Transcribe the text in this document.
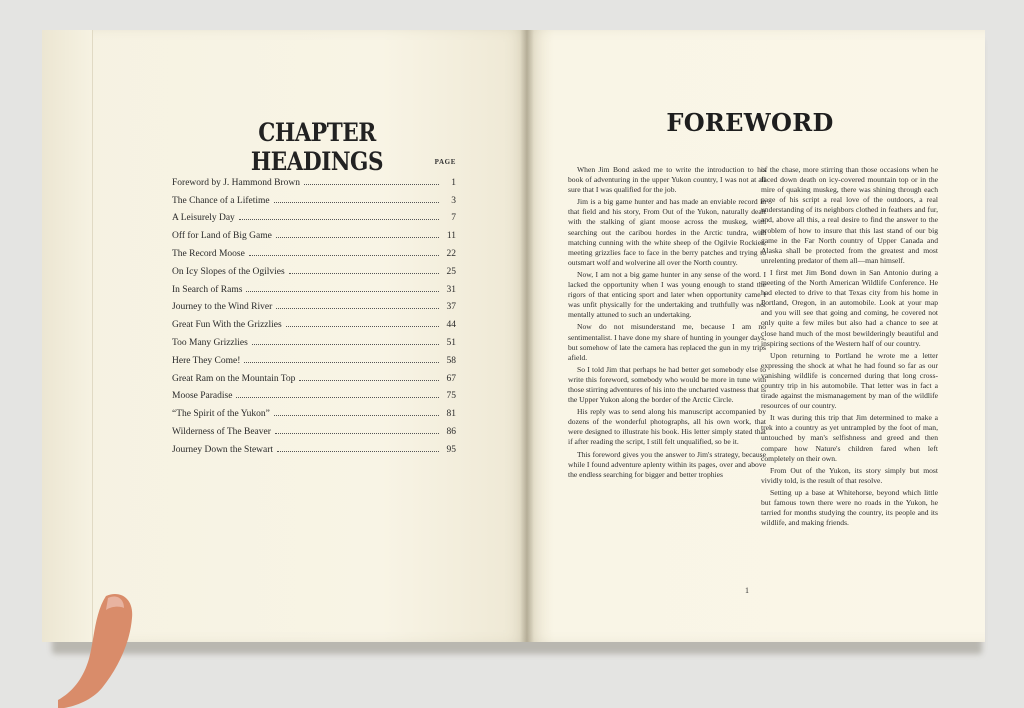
CHAPTER HEADINGS	PAGE
Foreword by J. Hammond Brown	1
The Chance of a Lifetime	3
A Leisurely Day	7
Off for Land of Big Game	11
The Record Moose	22
On Icy Slopes of the Ogilvies	25
In Search of Rams	31
Journey to the Wind River	37
Great Fun With the Grizzlies	44
Too Many Grizzlies	51
Here They Come!	58
Great Ram on the Mountain Top	67
Moose Paradise	75
“The Spirit of the Yukon”	81
Wilderness of The Beaver	86
Journey Down the Stewart	95
FOREWORD

When Jim Bond asked me to write the introduction to his book of adventuring in the upper Yukon country, I was not at all sure that I was qualified for the job.

Jim is a big game hunter and has made an enviable record in that field and his story, From Out of the Yukon, naturally dealt with the stalking of giant moose across the muskeg, with searching out the caribou hordes in the Arctic tundra, with matching cunning with the white sheep of the Ogilvie Rockies, meeting grizzlies face to face in the berry patches and trying to outsmart wolf and wolverine all over the North country.

Now, I am not a big game hunter in any sense of the word. I lacked the opportunity when I was young enough to stand the rigors of that enticing sport and later when opportunity came I was unfit physically for the undertaking and truthfully was not mentally attuned to such an undertaking.

Now do not misunderstand me, because I am no sentimentalist. I have done my share of hunting in younger days, but somehow of late the camera has replaced the gun in my trips afield.

So I told Jim that perhaps he had better get somebody else to write this foreword, somebody who would be more in tune with those stirring adventures of his into the uncharted vastness that is the Upper Yukon along the border of the Arctic Circle.

His reply was to send along his manuscript accompanied by dozens of the wonderful photographs, all his own work, that were designed to illustrate his book. His letter simply stated that if after reading the script, I still felt unqualified, so be it.

This foreword gives you the answer to Jim's strategy, because while I found adventure aplenty within its pages, over and above the endless searching for bigger and better trophies

of the chase, more stirring than those occasions when he faced down death on icy-covered mountain top or in the mire of quaking muskeg, there was shining through each page of his script a real love of the outdoors, a real understanding of its neighbors clothed in feathers and fur, and, above all this, a real desire to find the answer to the problem of how to insure that this last stand of our big game in the Far North country of Upper Canada and Alaska shall be protected from the greatest and most unrelenting predator of them all—man himself.

I first met Jim Bond down in San Antonio during a meeting of the North American Wildlife Conference. He had elected to drive to that Texas city from his home in Portland, Oregon, in an automobile. Look at your map and you will see that going and coming, he covered not only quite a few miles but also had a chance to see at close hand much of the most bewilderingly beautiful and inspiring sections of the Western half of our country.

Upon returning to Portland he wrote me a letter expressing the shock at what he had found so far as our vanishing wildlife is concerned during that long cross-country trip in his automobile. That letter was in fact a tirade against the mismanagement by man of the wildlife resources of our country.

It was during this trip that Jim determined to make a trek into a country as yet untrampled by the foot of man, untouched by man's selfishness and greed and then compare how Nature's children fared when left completely on their own.

From Out of the Yukon, its story simply but most vividly told, is the result of that resolve.

Setting up a base at Whitehorse, beyond which little but famous town there were no roads in the Yukon, he tarried for months studying the country, its people and its wildlife, and making friends.

1
